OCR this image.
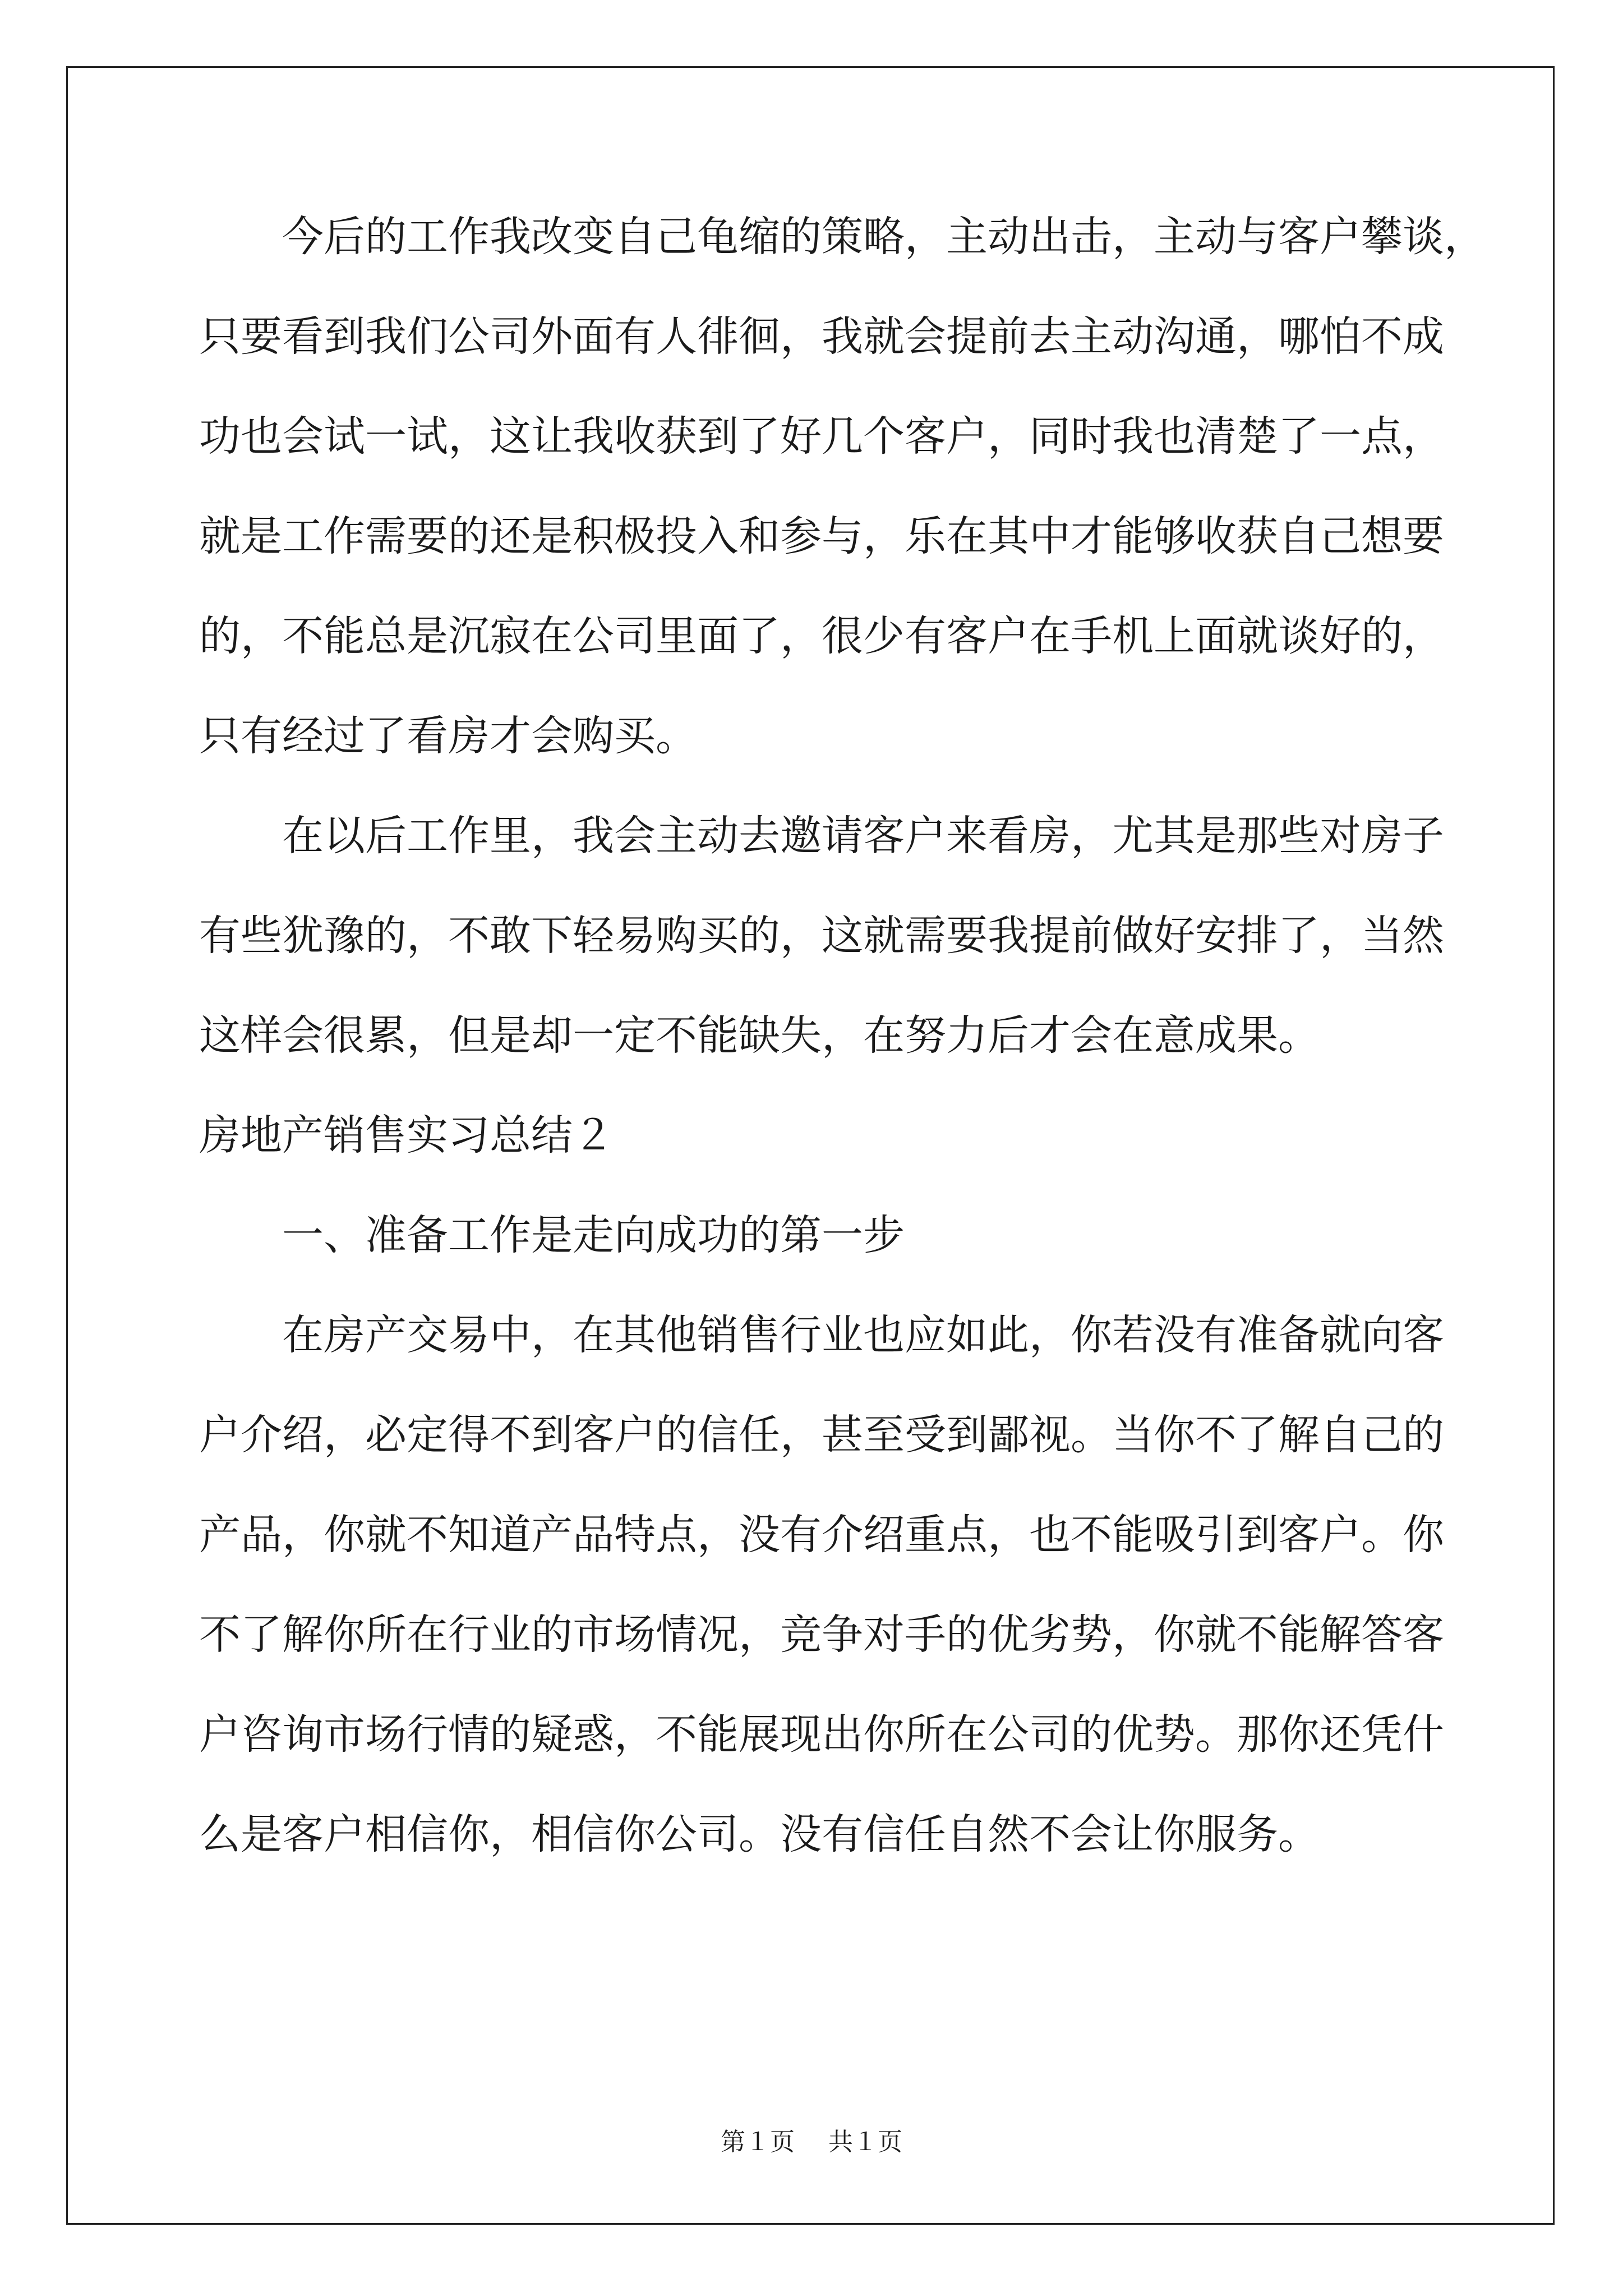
今后的工作我改变自己龟缩的策略，主动出击，主动与客户攀谈，
只要看到我们公司外面有人徘徊，我就会提前去主动沟通，哪怕不成
功也会试一试，这让我收获到了好几个客户，同时我也清楚了一点，
就是工作需要的还是积极投入和参与，乐在其中才能够收获自己想要
的，不能总是沉寂在公司里面了，很少有客户在手机上面就谈好的，
只有经过了看房才会购买。
在以后工作里，我会主动去邀请客户来看房，尤其是那些对房子
有些犹豫的，不敢下轻易购买的，这就需要我提前做好安排了，当然
这样会很累，但是却一定不能缺失，在努力后才会在意成果。
房地产销售实习总结２
一、准备工作是走向成功的第一步
在房产交易中，在其他销售行业也应如此，你若没有准备就向客
户介绍，必定得不到客户的信任，甚至受到鄙视。当你不了解自己的
产品，你就不知道产品特点，没有介绍重点，也不能吸引到客户。你
不了解你所在行业的市场情况，竞争对手的优劣势，你就不能解答客
户咨询市场行情的疑惑，不能展现出你所在公司的优势。那你还凭什
么是客户相信你，相信你公司。没有信任自然不会让你服务。
第１页 共１页
